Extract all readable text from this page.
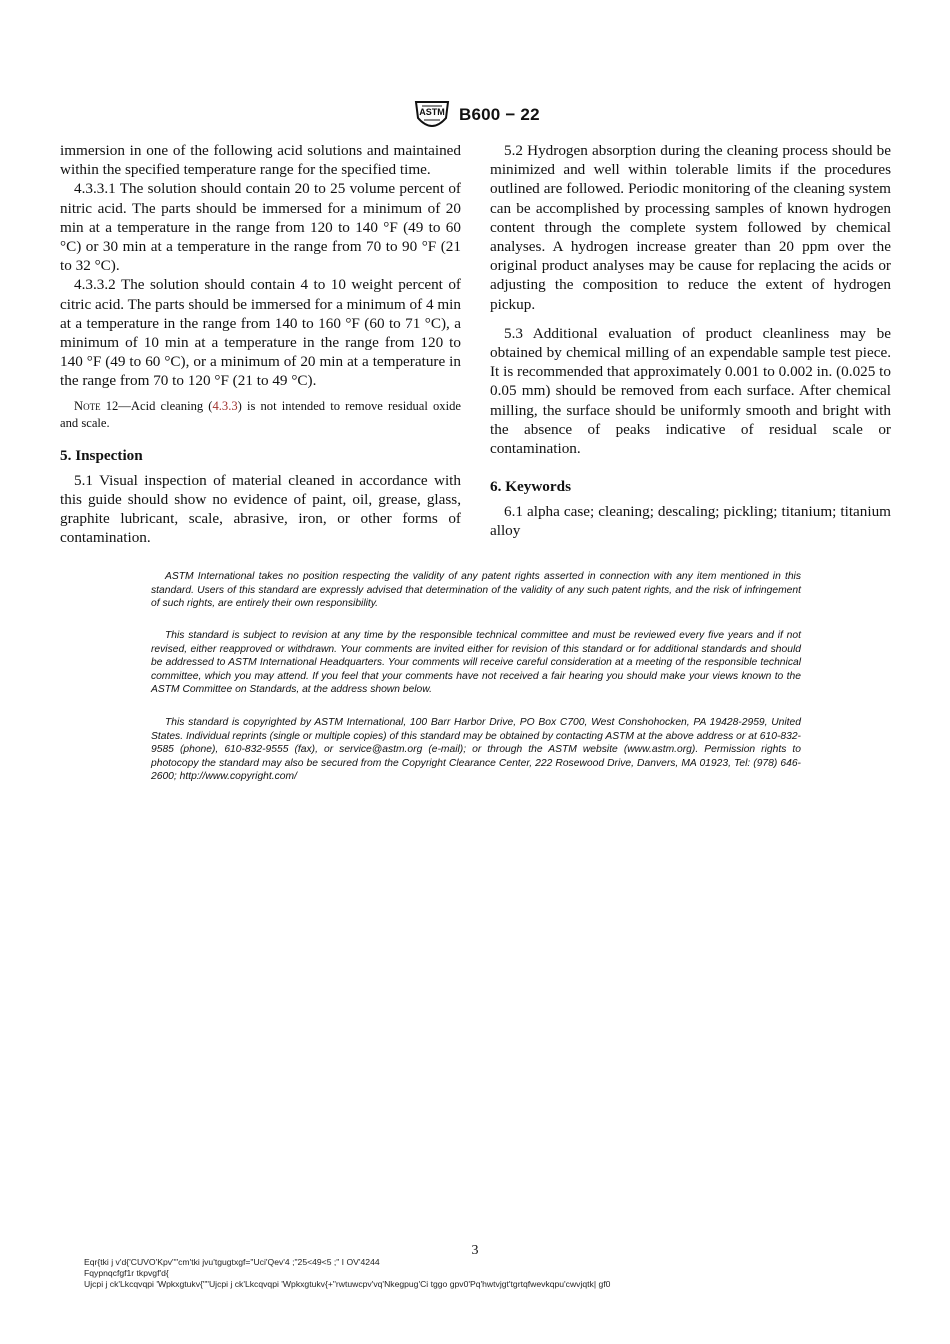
ASTM B600 − 22

immersion in one of the following acid solutions and maintained within the specified temperature range for the specified time.

4.3.3.1 The solution should contain 20 to 25 volume percent of nitric acid. The parts should be immersed for a minimum of 20 min at a temperature in the range from 120 to 140 °F (49 to 60 °C) or 30 min at a temperature in the range from 70 to 90 °F (21 to 32 °C).

4.3.3.2 The solution should contain 4 to 10 weight percent of citric acid. The parts should be immersed for a minimum of 4 min at a temperature in the range from 140 to 160 °F (60 to 71 °C), a minimum of 10 min at a temperature in the range from 120 to 140 °F (49 to 60 °C), or a minimum of 20 min at a temperature in the range from 70 to 120 °F (21 to 49 °C).

Note 12—Acid cleaning (4.3.3) is not intended to remove residual oxide and scale.

5. Inspection

5.1 Visual inspection of material cleaned in accordance with this guide should show no evidence of paint, oil, grease, glass, graphite lubricant, scale, abrasive, iron, or other forms of contamination.

5.2 Hydrogen absorption during the cleaning process should be minimized and well within tolerable limits if the procedures outlined are followed. Periodic monitoring of the cleaning system can be accomplished by processing samples of known hydrogen content through the complete system followed by chemical analyses. A hydrogen increase greater than 20 ppm over the original product analyses may be cause for replacing the acids or adjusting the composition to reduce the extent of hydrogen pickup.

5.3 Additional evaluation of product cleanliness may be obtained by chemical milling of an expendable sample test piece. It is recommended that approximately 0.001 to 0.002 in. (0.025 to 0.05 mm) should be removed from each surface. After chemical milling, the surface should be uniformly smooth and bright with the absence of peaks indicative of residual scale or contamination.

6. Keywords

6.1 alpha case; cleaning; descaling; pickling; titanium; titanium alloy

ASTM International takes no position respecting the validity of any patent rights asserted in connection with any item mentioned in this standard. Users of this standard are expressly advised that determination of the validity of any such patent rights, and the risk of infringement of such rights, are entirely their own responsibility.

This standard is subject to revision at any time by the responsible technical committee and must be reviewed every five years and if not revised, either reapproved or withdrawn. Your comments are invited either for revision of this standard or for additional standards and should be addressed to ASTM International Headquarters. Your comments will receive careful consideration at a meeting of the responsible technical committee, which you may attend. If you feel that your comments have not received a fair hearing you should make your views known to the ASTM Committee on Standards, at the address shown below.

This standard is copyrighted by ASTM International, 100 Barr Harbor Drive, PO Box C700, West Conshohocken, PA 19428-2959, United States. Individual reprints (single or multiple copies) of this standard may be obtained by contacting ASTM at the above address or at 610-832-9585 (phone), 610-832-9555 (fax), or service@astm.org (e-mail); or through the ASTM website (www.astm.org). Permission rights to photocopy the standard may also be secured from the Copyright Clearance Center, 222 Rosewood Drive, Danvers, MA 01923, Tel: (978) 646-2600; http://www.copyright.com/

3
Eqr{tki j v'd{'CUVO'Kpv""cm'tki jvu'tgugtxgf="Uci'Qev'4 ;"25<49<5 ;" I OV'4244
Fqypnqcfgf1r tkpvgf'd{
Ujcpi j ck'Lkcqvqpi 'Wpkxgtukv{""Ujcpi j ck'Lkcqvqpi 'Wpkxgtukv{+"rwtuwcpv'vq'Nkegpug'Ci tggo gpv0'Pq'hwtvjgt'tgrtqfwevkqpu'cwvjqtk| gf0
